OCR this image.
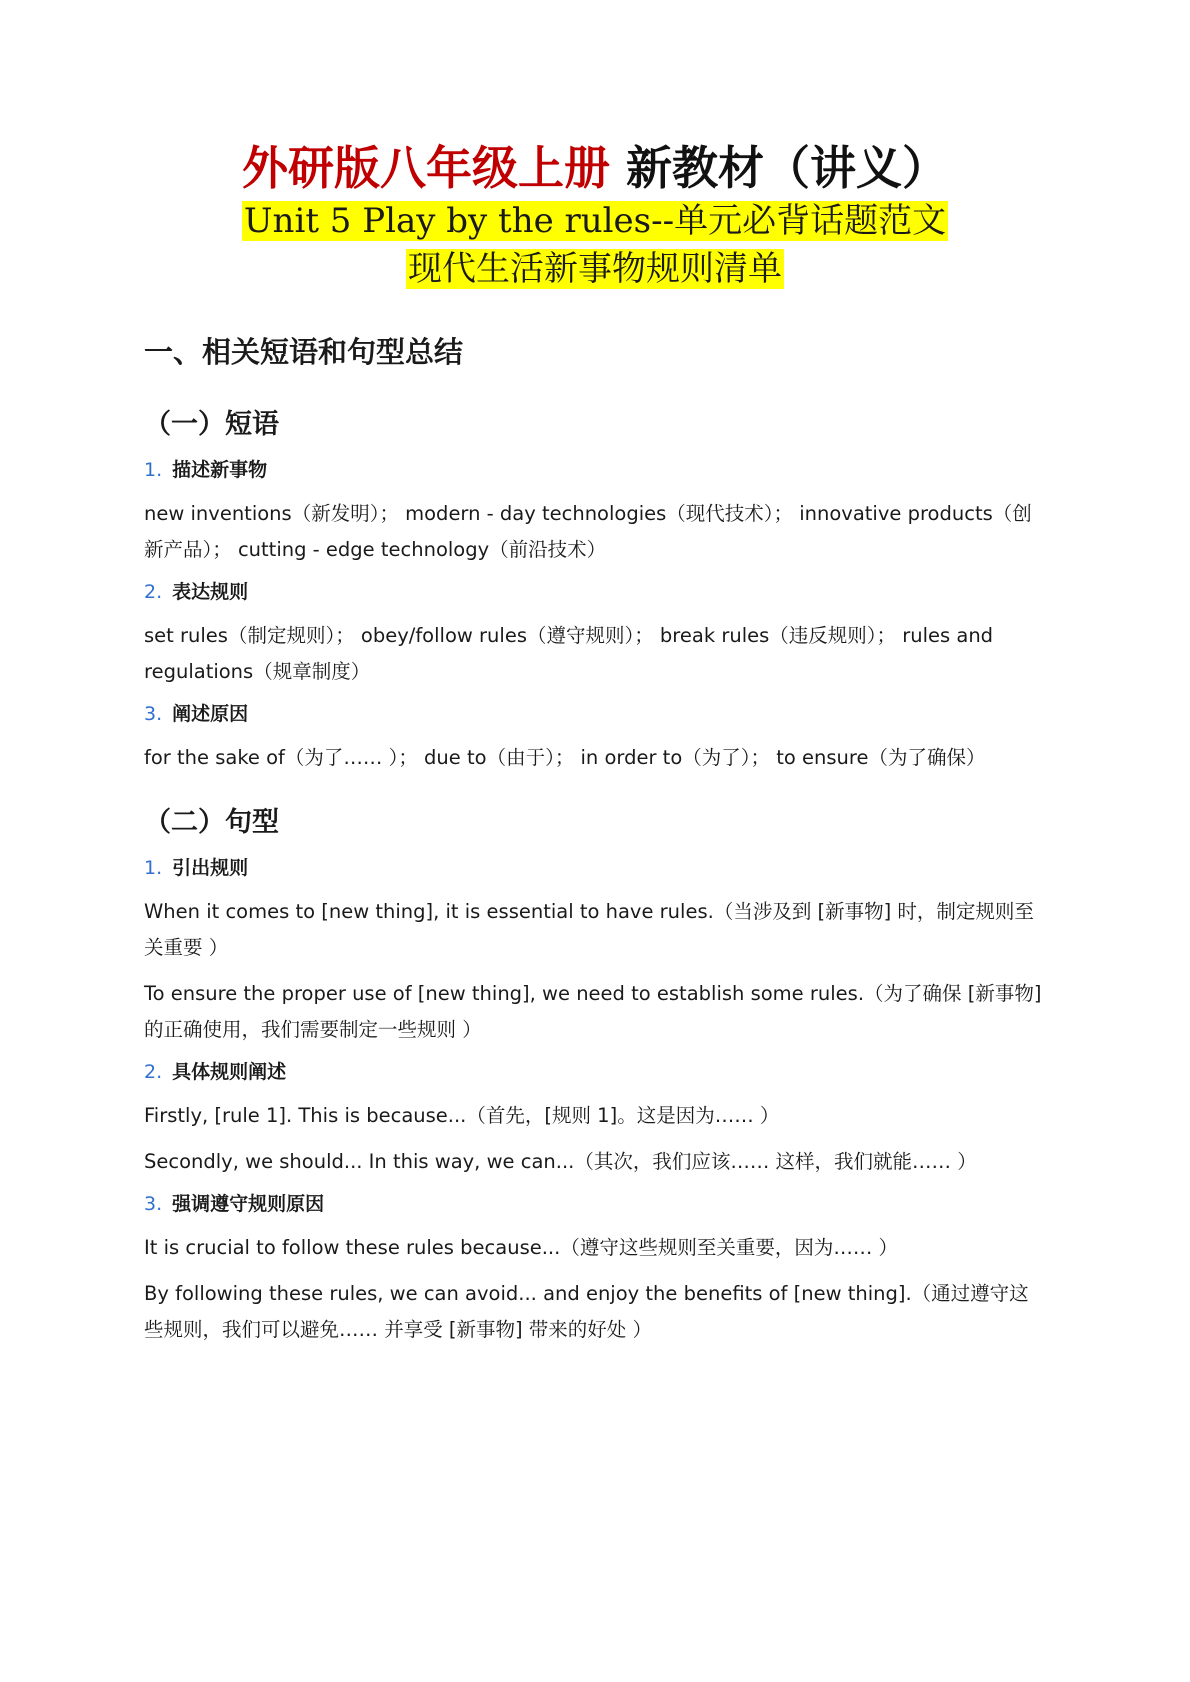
外研版八年级上册 新教材（讲义）
Unit 5 Play by the rules--单元必背话题范文
现代生活新事物规则清单
一、相关短语和句型总结
（一）短语
1. 描述新事物
new inventions（新发明）； modern - day technologies（现代技术）； innovative products（创新产品）； cutting - edge technology（前沿技术）
2. 表达规则
set rules（制定规则）； obey/follow rules（遵守规则）； break rules（违反规则）； rules and regulations（规章制度）
3. 阐述原因
for the sake of（为了…… ）； due to（由于）； in order to（为了）； to ensure（为了确保）
（二）句型
1. 引出规则
When it comes to [new thing], it is essential to have rules.（当涉及到 [新事物] 时，制定规则至关重要 ）
To ensure the proper use of [new thing], we need to establish some rules.（为了确保 [新事物] 的正确使用，我们需要制定一些规则 ）
2. 具体规则阐述
Firstly, [rule 1]. This is because...（首先，[规则 1]。这是因为…… ）
Secondly, we should... In this way, we can...（其次，我们应该…… 这样，我们就能…… ）
3. 强调遵守规则原因
It is crucial to follow these rules because...（遵守这些规则至关重要，因为…… ）
By following these rules, we can avoid... and enjoy the benefits of [new thing].（通过遵守这些规则，我们可以避免…… 并享受 [新事物] 带来的好处 ）
